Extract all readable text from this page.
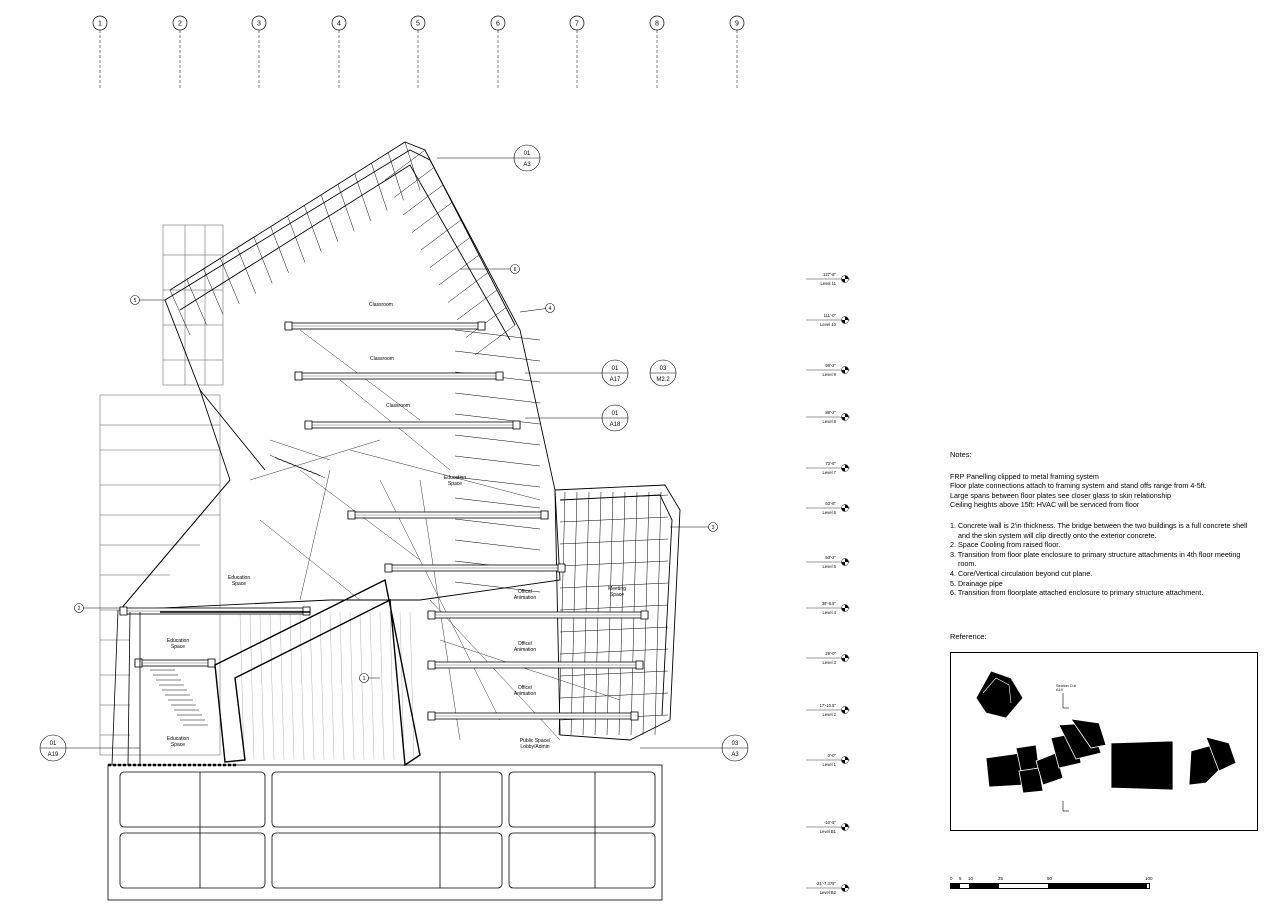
1	2	3	4	5	6	7	8	9
Classroom
Classroom
Classroom
Education
Space
Education
Space
Education
Space
Education
Space
Office/
Animation
Office/
Animation
Office/
Animation
Meeting
Space
Public Space/
Lobby/Admin
01
A3
01
A17
03
M2.2
01
A18
01
A19
03
A3
1
2
3
4
5
6
127'-6"
Level 11
111'-0"
Level 10
99'-2"
Level 9
88'-2"
Level 8
73'-6"
Level 7
63'-8"
Level 6
50'-2"
Level 5
39'-8.5"
Level 4
29'-0"
Level 3
17'-10.5"
Level 2
0'-0"
Level 1
-10'-5"
Level B1
-21'-7.375"
Level B2
Notes:

FRP Panelling clipped to metal framing system

Floor plate connections attach to framing system and stand offs range from 4-5ft.

Large spans between floor plates see closer glass to skin relationship

Ceiling heights above 15ft: HVAC will be serviced from floor

1. Concrete wall is 2'in thickness. The bridge between the two buildings is a full concrete shell and the skin system will clip directly onto the exterior concrete.

2. Space Cooling from raised floor.

3. Transition from floor plate enclosure to primary structure attachments in 4th floor meeting room.

4. Core/Vertical circulation beyond cut plane.

5. Drainage pipe

6. Transition from floorplate attached enclosure to primary structure attachment.

Reference:
Section Cut
A19
0 5 10	25	50	100
